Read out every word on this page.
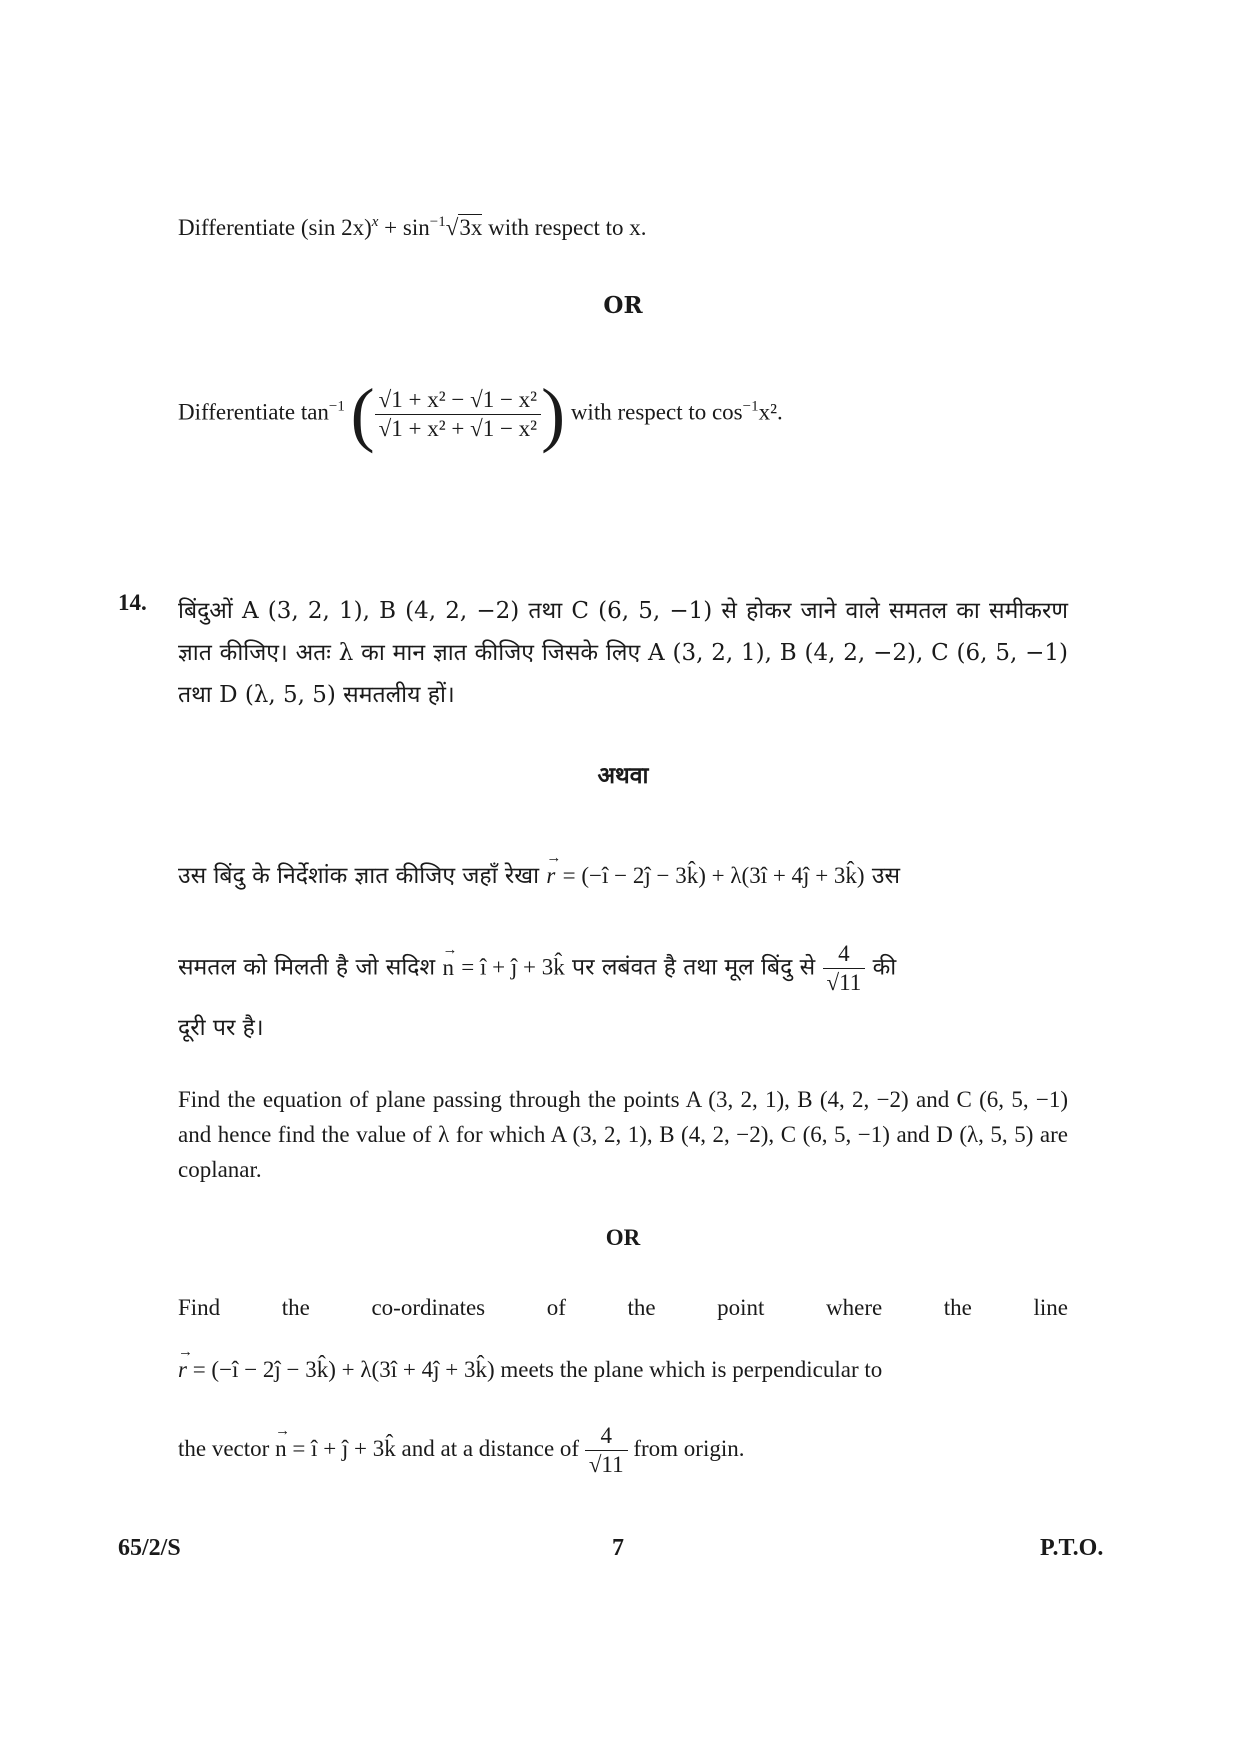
Differentiate (sin $2x)^x + \sin^{-1}√3x$ with respect to x.
OR
Differentiate $\tan^{-1}$ ( $\frac{\text{√1 + x² − √1 − x²}}{\text{√1 + x² + √1 − x²}}$ ) with respect to $\cos^{-1}x^2$.
14. बिंदुओं A (3, 2, 1), B (4, 2, −2) तथा C (6, 5, −1) से होकर जाने वाले समतल का समीकरण ज्ञात कीजिए। अतः λ का मान ज्ञात कीजिए जिसके लिए A (3, 2, 1), B (4, 2, −2), C (6, 5, −1) तथा D (λ, 5, 5) समतलीय हों।
अथवा
उस बिंदु के निर्देशांक ज्ञात कीजिए जहाँ रेखा → r = (−î − 2ĵ − 3k̂) + λ(3î + 4ĵ + 3k̂) उस
समतल को मिलती है जो सदिश → n = î + ĵ + 3k̂ पर लबंवत है तथा मूल बिंदु से $\frac{4}{√11}$ की
दूरी पर है।
Find the equation of plane passing through the points A (3, 2, 1), B (4, 2, −2) and C (6, 5, −1) and hence find the value of λ for which A (3, 2, 1), B (4, 2, −2), C (6, 5, −1) and D (λ, 5, 5) are coplanar.
OR
Find	the	co-ordinates	of	the	point	where	the	line
→ r = (−î − 2ĵ − 3k̂) + λ(3î + 4ĵ + 3k̂) meets the plane which is perpendicular to
the vector → n = î + ĵ + 3k̂ and at a distance of $\frac{4}{√11}$ from origin.
65/2/S	7	P.T.O.
